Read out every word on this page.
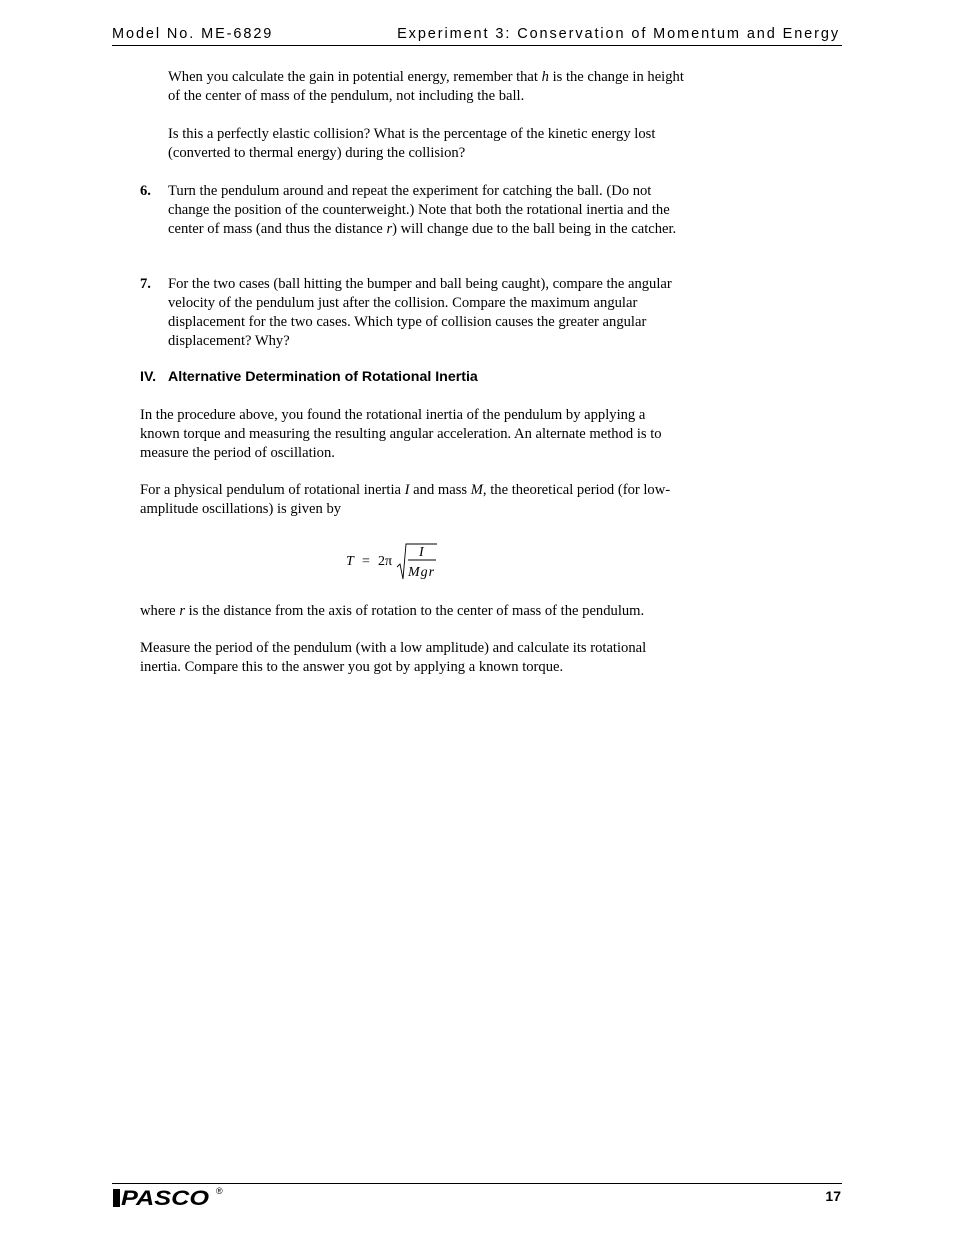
Model No. ME-6829	Experiment 3: Conservation of Momentum and Energy

When you calculate the gain in potential energy, remember that h is the change in height of the center of mass of the pendulum, not including the ball.

Is this a perfectly elastic collision? What is the percentage of the kinetic energy lost (converted to thermal energy) during the collision?

6. Turn the pendulum around and repeat the experiment for catching the ball. (Do not change the position of the counterweight.) Note that both the rotational inertia and the center of mass (and thus the distance r) will change due to the ball being in the catcher.

7. For the two cases (ball hitting the bumper and ball being caught), compare the angular velocity of the pendulum just after the collision. Compare the maximum angular displacement for the two cases. Which type of collision causes the greater angular displacement? Why?

IV. Alternative Determination of Rotational Inertia

In the procedure above, you found the rotational inertia of the pendulum by applying a known torque and measuring the resulting angular acceleration. An alternate method is to measure the period of oscillation.

For a physical pendulum of rotational inertia I and mass M, the theoretical period (for low-amplitude oscillations) is given by

T = 2π
I
Mgr

where r is the distance from the axis of rotation to the center of mass of the pendulum.

Measure the period of the pendulum (with a low amplitude) and calculate its rotational inertia. Compare this to the answer you got by applying a known torque.

PASCO ®	17
